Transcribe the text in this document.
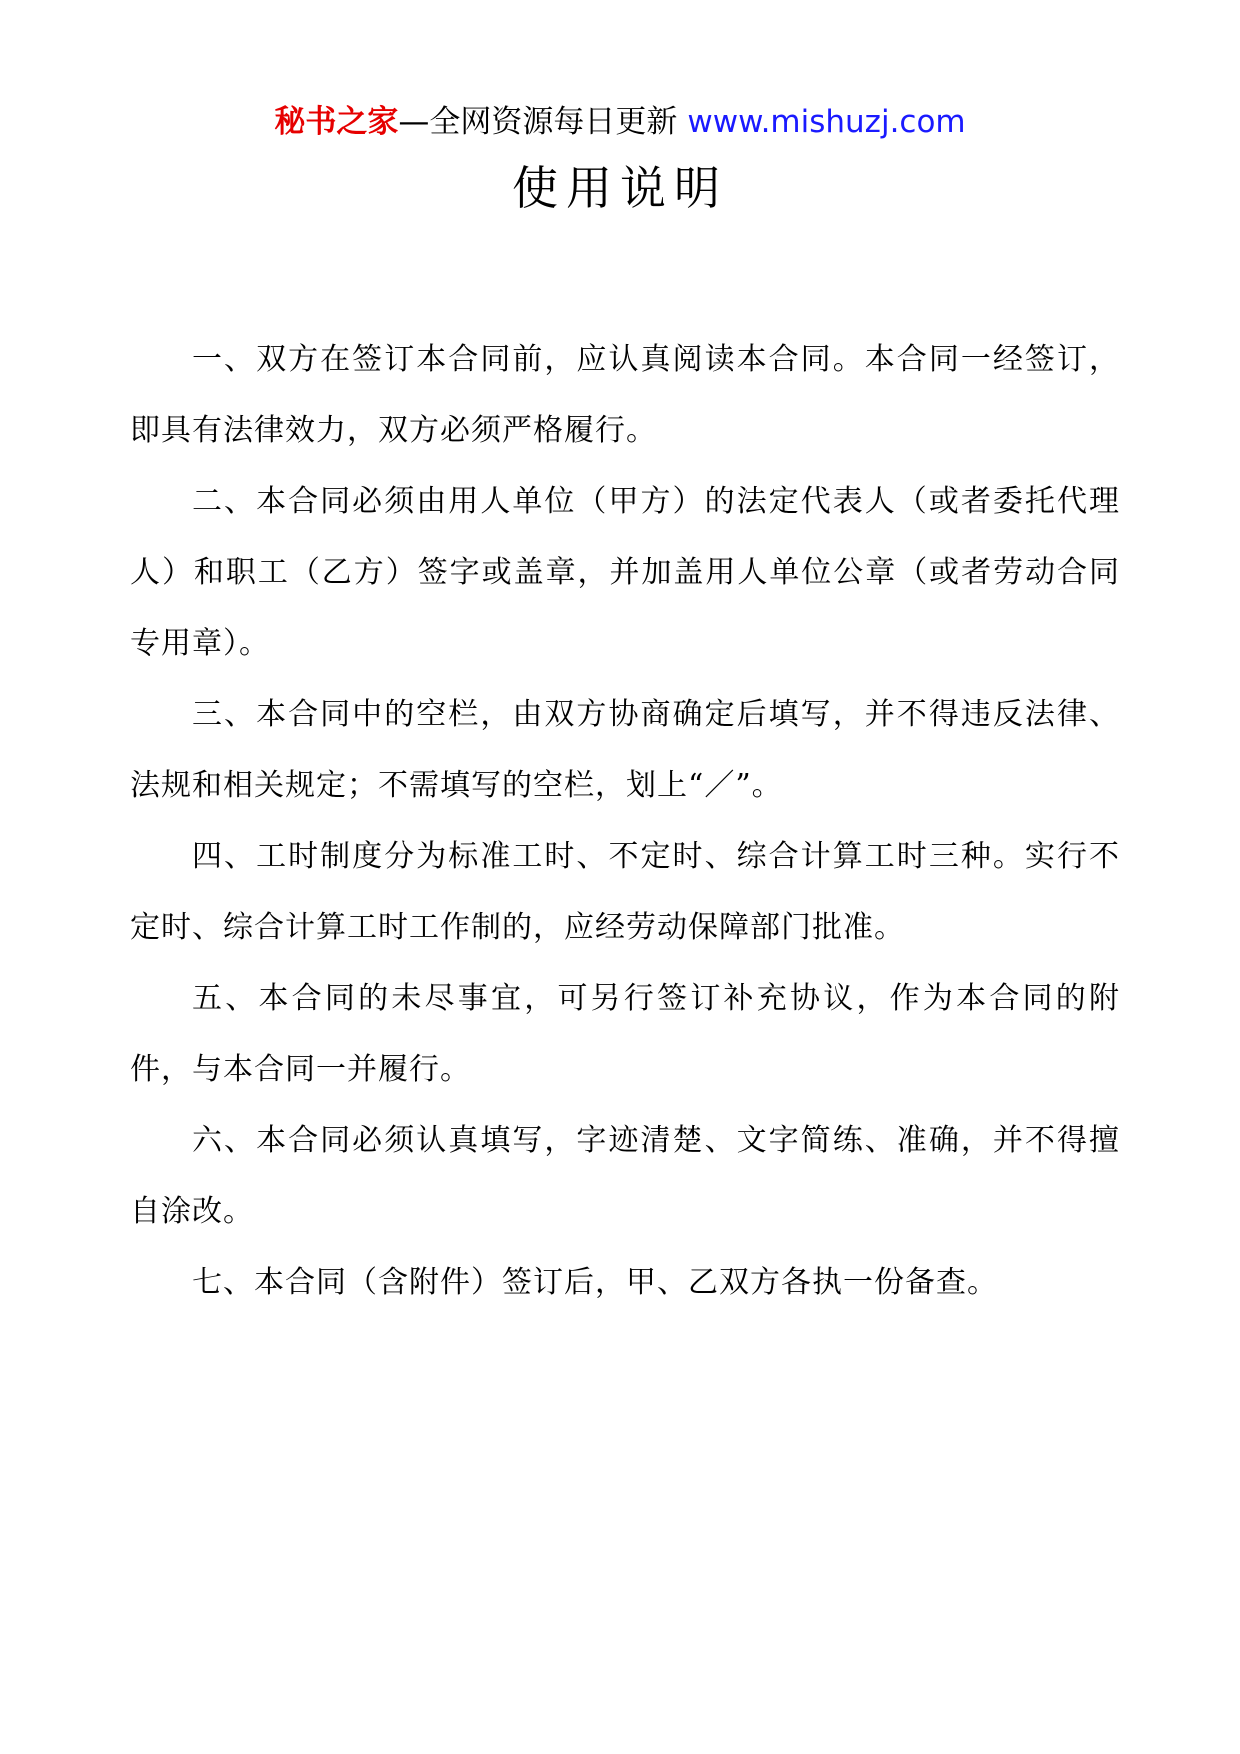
秘书之家—全网资源每日更新 www.mishuzj.com
使用说明

一、双方在签订本合同前，应认真阅读本合同。本合同一经签订，即具有法律效力，双方必须严格履行。

二、本合同必须由用人单位（甲方）的法定代表人（或者委托代理人）和职工（乙方）签字或盖章，并加盖用人单位公章（或者劳动合同专用章）。

三、本合同中的空栏，由双方协商确定后填写，并不得违反法律、法规和相关规定；不需填写的空栏，划上“／”。

四、工时制度分为标准工时、不定时、综合计算工时三种。实行不定时、综合计算工时工作制的，应经劳动保障部门批准。

五、本合同的未尽事宜，可另行签订补充协议，作为本合同的附件，与本合同一并履行。

六、本合同必须认真填写，字迹清楚、文字简练、准确，并不得擅自涂改。

七、本合同（含附件）签订后，甲、乙双方各执一份备查。
